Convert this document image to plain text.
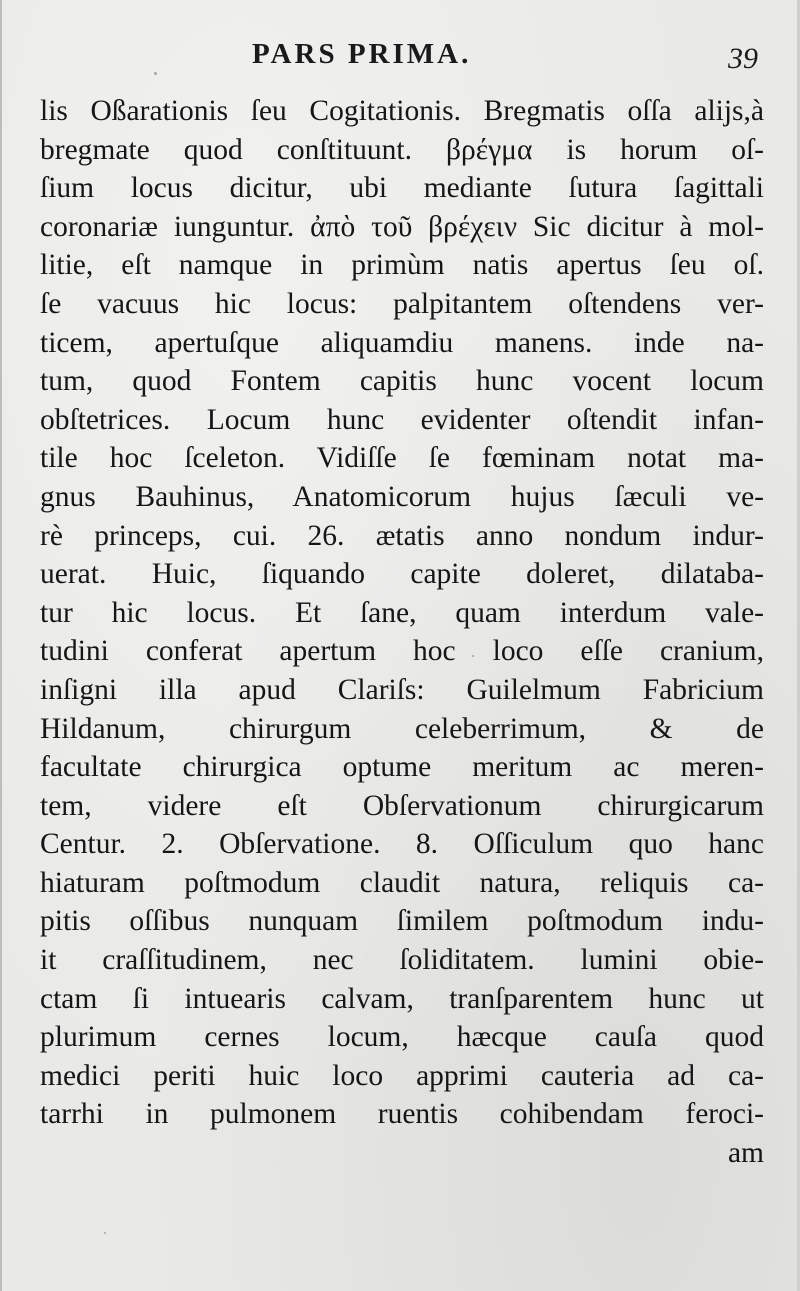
PARS PRIMA.	39
lis Oßarationis ſeu Cogitationis. Bregmatis oſſa alijs,à
bregmate quod conſtituunt. βρέγμα is horum oſ-
ſium locus dicitur, ubi mediante ſutura ſagittali
coronariæ iunguntur. ἀπὸ τοῦ βρέχειν Sic dicitur à mol-
litie, eſt namque in primùm natis apertus ſeu oſ.
ſe vacuus hic locus: palpitantem oſtendens ver-
ticem, apertuſque aliquamdiu manens. inde na-
tum, quod Fontem capitis hunc vocent locum
obſtetrices. Locum hunc evidenter oſtendit infan-
tile hoc ſceleton. Vidiſſe ſe fœminam notat ma-
gnus Bauhinus, Anatomicorum hujus ſæculi ve-
rè princeps, cui. 26. ætatis anno nondum indur-
uerat. Huic, ſiquando capite doleret, dilataba-
tur hic locus. Et ſane, quam interdum vale-
tudini conferat apertum hoc loco eſſe cranium,
inſigni illa apud Clariſs: Guilelmum Fabricium
Hildanum, chirurgum celeberrimum, & de
facultate chirurgica optume meritum ac meren-
tem, videre eſt Obſervationum chirurgicarum
Centur. 2. Obſervatione. 8. Oſſiculum quo hanc
hiaturam poſtmodum claudit natura, reliquis ca-
pitis oſſibus nunquam ſimilem poſtmodum indu-
it craſſitudinem, nec ſoliditatem. lumini obie-
ctam ſi intuearis calvam, tranſparentem hunc ut
plurimum cernes locum, hæcque cauſa quod
medici periti huic loco apprimi cauteria ad ca-
tarrhi in pulmonem ruentis cohibendam feroci-
am
